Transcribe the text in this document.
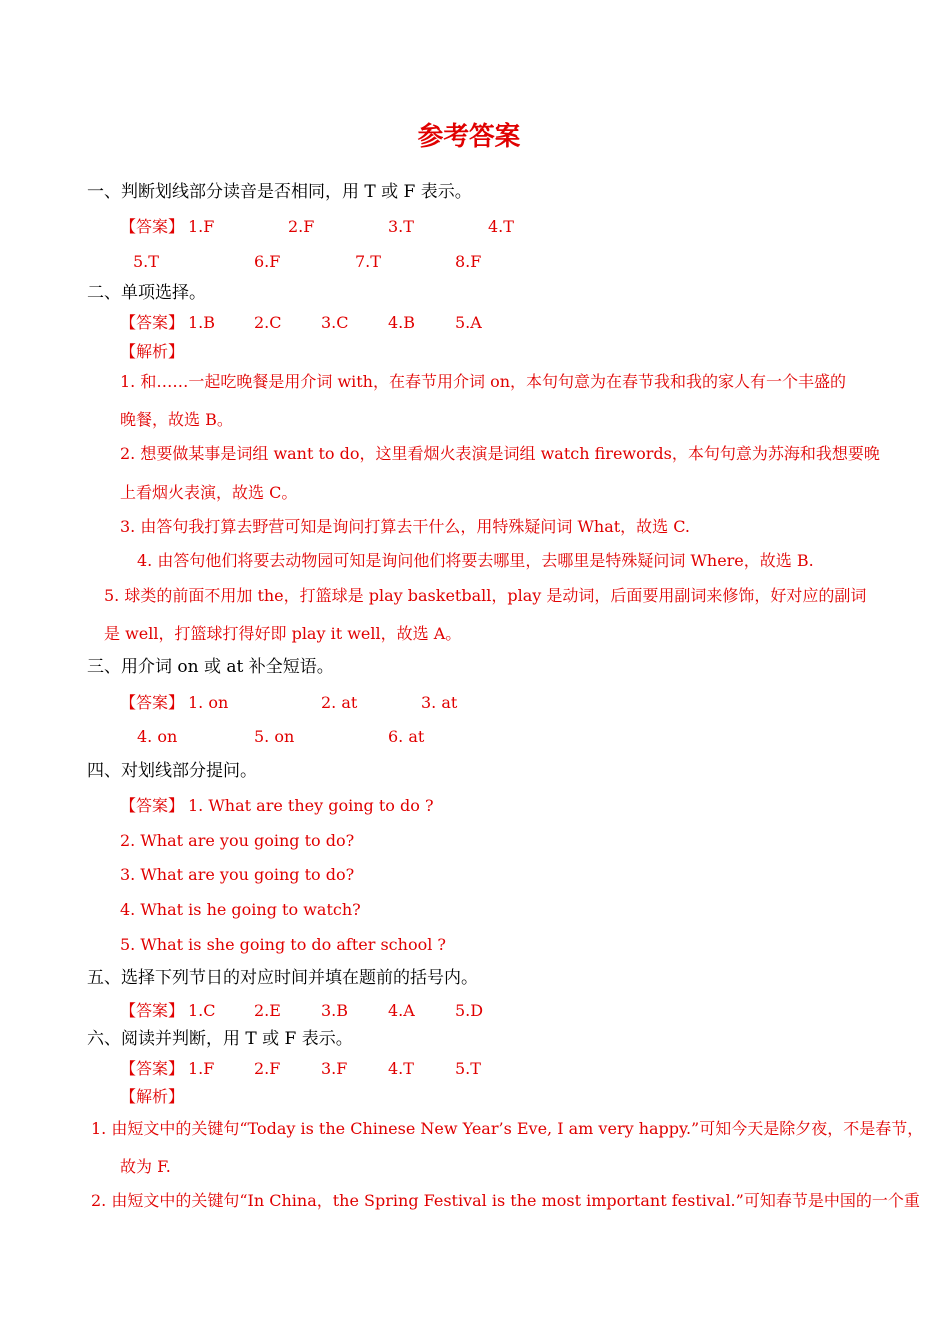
参考答案
一、判断划线部分读音是否相同，用 T 或 F 表示。
【答案】 1.F	2.F	3.T	4.T
5.T	6.F	7.T	8.F
二、单项选择。
【答案】 1.B 2.C 3.C 4.B 5.A
【解析】
1. 和……一起吃晚餐是用介词 with，在春节用介词 on，本句句意为在春节我和我的家人有一个丰盛的
晚餐，故选 B。
2. 想要做某事是词组 want to do，这里看烟火表演是词组 watch firewords，本句句意为苏海和我想要晚
上看烟火表演，故选 C。
3. 由答句我打算去野营可知是询问打算去干什么，用特殊疑问词 What，故选 C.
4. 由答句他们将要去动物园可知是询问他们将要去哪里，去哪里是特殊疑问词 Where，故选 B.
5. 球类的前面不用加 the，打篮球是 play basketball，play 是动词，后面要用副词来修饰，好对应的副词
是 well，打篮球打得好即 play it well，故选 A。
三、用介词 on 或 at 补全短语。
【答案】 1. on	2. at	3. at
4. on	5. on	6. at
四、对划线部分提问。
【答案】 1. What are they going to do ?
2. What are you going to do?
3. What are you going to do?
4. What is he going to watch?
5. What is she going to do after school ?
五、选择下列节日的对应时间并填在题前的括号内。
【答案】 1.C 2.E	3.B 4.A	5.D
六、阅读并判断，用 T 或 F 表示。
【答案】 1.F 2.F	3.F	4.T	5.T
【解析】
1. 由短文中的关键句“Today is the Chinese New Year’s Eve, I am very happy.”可知今天是除夕夜，不是春节，
故为 F.
2. 由短文中的关键句“In China，the Spring Festival is the most important festival.”可知春节是中国的一个重
